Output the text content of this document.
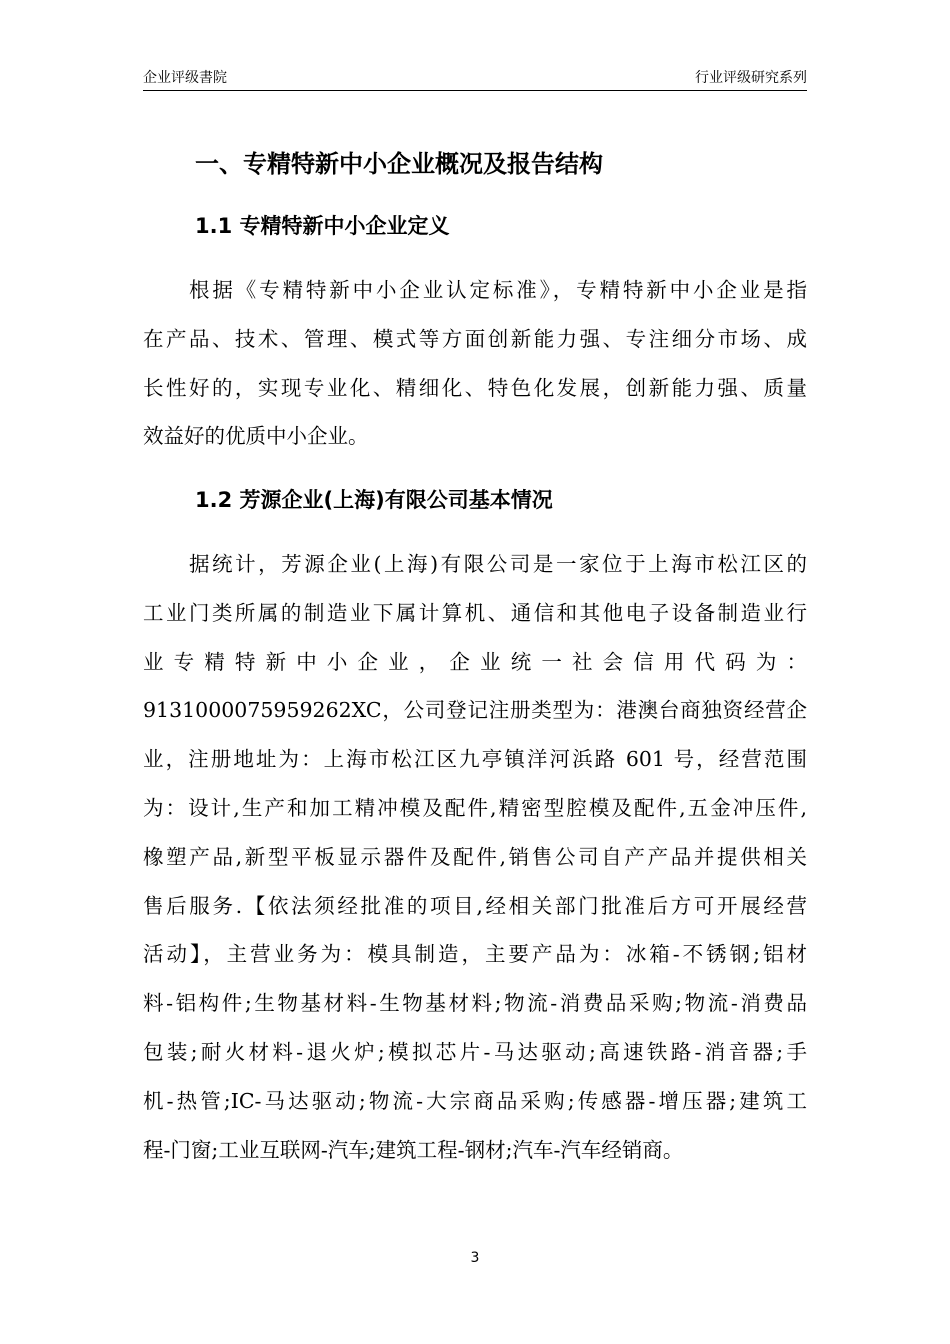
企业评级書院	行业评级研究系列
一、专精特新中小企业概况及报告结构
1.1 专精特新中小企业定义
根据《专精特新中小企业认定标准》，专精特新中小企业是指
在产品、技术、管理、模式等方面创新能力强、专注细分市场、成
长性好的，实现专业化、精细化、特色化发展，创新能力强、质量
效益好的优质中小企业。
1.2 芳源企业(上海)有限公司基本情况
据统计，芳源企业(上海)有限公司是一家位于上海市松江区的
工业门类所属的制造业下属计算机、通信和其他电子设备制造业行
业 专 精 特 新 中 小 企 业 ， 企 业 统 一 社 会 信 用 代 码 为 ：
9131000075959262XC，公司登记注册类型为：港澳台商独资经营企
业，注册地址为：上海市松江区九亭镇洋河浜路 601 号，经营范围
为：设计,生产和加工精冲模及配件,精密型腔模及配件,五金冲压件,
橡塑产品,新型平板显示器件及配件,销售公司自产产品并提供相关
售后服务.【依法须经批准的项目,经相关部门批准后方可开展经营
活动】，主营业务为：模具制造，主要产品为：冰箱-不锈钢;铝材
料-铝构件;生物基材料-生物基材料;物流-消费品采购;物流-消费品
包装;耐火材料-退火炉;模拟芯片-马达驱动;高速铁路-消音器;手
机-热管;IC-马达驱动;物流-大宗商品采购;传感器-增压器;建筑工
程-门窗;工业互联网-汽车;建筑工程-钢材;汽车-汽车经销商。
3
